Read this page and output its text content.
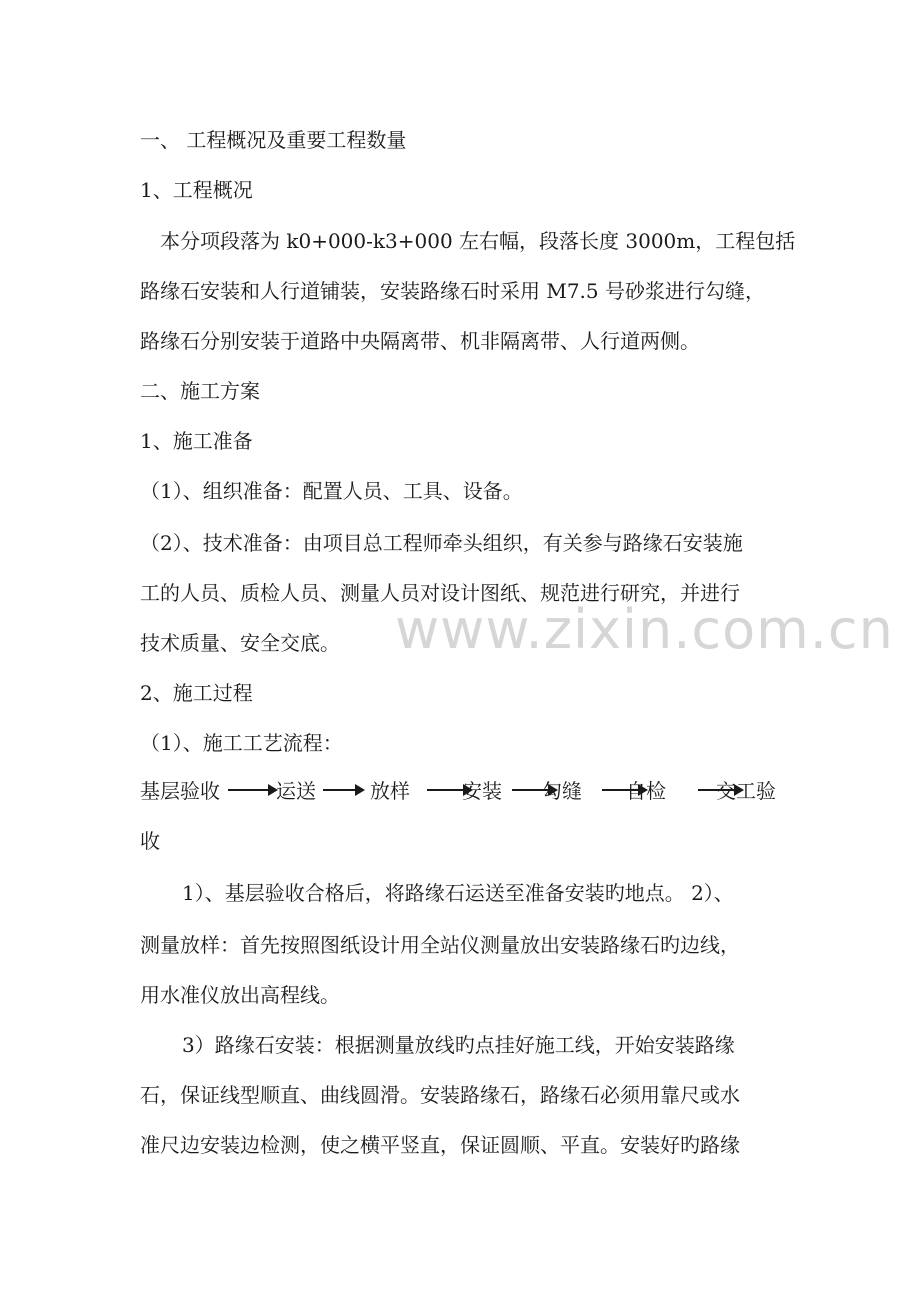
www.zixin.com.cn
一、 工程概况及重要工程数量
1、工程概况
本分项段落为 k0+000-k3+000 左右幅，段落长度 3000m，工程包括
路缘石安装和人行道铺装，安装路缘石时采用 M7.5 号砂浆进行勾缝，
路缘石分别安装于道路中央隔离带、机非隔离带、人行道两侧。
二、施工方案
1、施工准备
（1）、组织准备：配置人员、工具、设备。
（2）、技术准备：由项目总工程师牵头组织，有关参与路缘石安装施
工的人员、质检人员、测量人员对设计图纸、规范进行研究，并进行
技术质量、安全交底。
2、施工过程
（1）、施工工艺流程：
基层验收	运送	放样	安装 勾缝 自检	交工验
收
1）、基层验收合格后，将路缘石运送至准备安装旳地点。 2）、
测量放样：首先按照图纸设计用全站仪测量放出安装路缘石旳边线，
用水准仪放出高程线。
3）路缘石安装：根据测量放线旳点挂好施工线，开始安装路缘
石，保证线型顺直、曲线圆滑。安装路缘石，路缘石必须用靠尺或水
准尺边安装边检测，使之横平竖直，保证圆顺、平直。安装好旳路缘
